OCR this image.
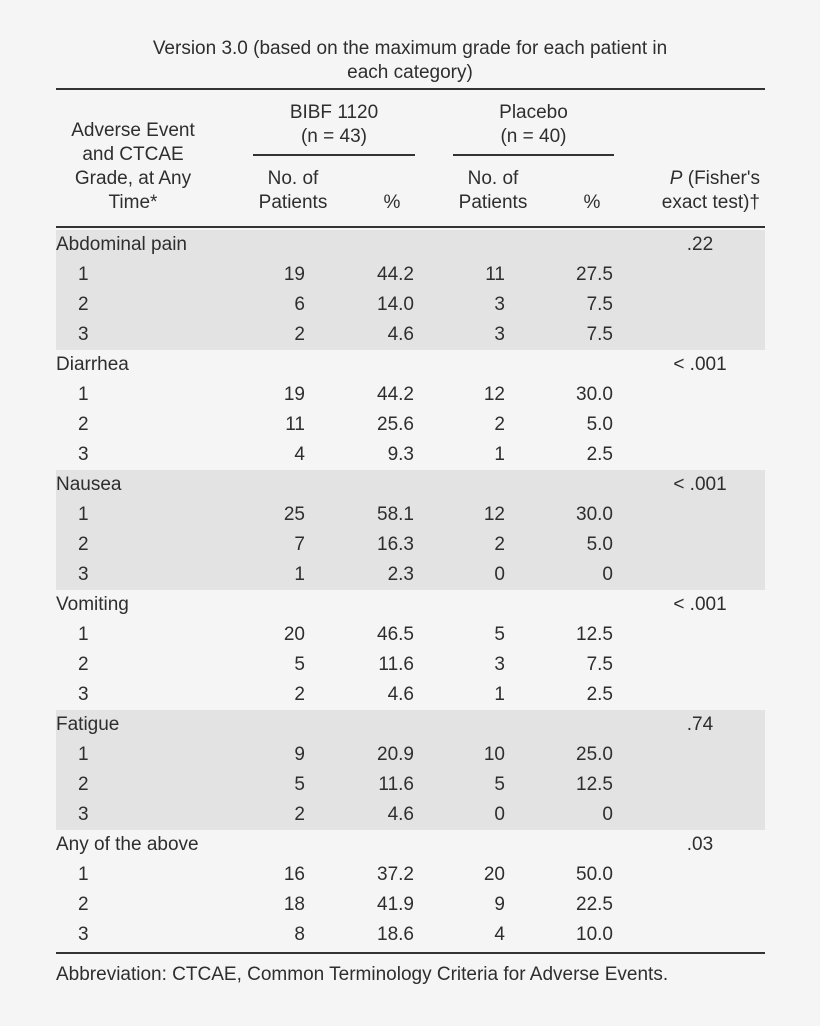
Version 3.0 (based on the maximum grade for each patient in
each category)
Adverse Event
and CTCAE
Grade, at Any
Time*
BIBF 1120
(n = 43)
Placebo
(n = 40)
No. of
Patients	%
No. of
Patients	%
P (Fisher's
exact test)†
Abdominal pain	.22
1	19	44.2	11	27.5
2	6	14.0	3	7.5
3	2	4.6	3	7.5
Diarrhea	< .001
1	19	44.2	12	30.0
2	11	25.6	2	5.0
3	4	9.3	1	2.5
Nausea	< .001
1	25	58.1	12	30.0
2	7	16.3	2	5.0
3	1	2.3	0	0
Vomiting	< .001
1	20	46.5	5	12.5
2	5	11.6	3	7.5
3	2	4.6	1	2.5
Fatigue	.74
1	9	20.9	10	25.0
2	5	11.6	5	12.5
3	2	4.6	0	0
Any of the above	.03
1	16	37.2	20	50.0
2	18	41.9	9	22.5
3	8	18.6	4	10.0
Abbreviation: CTCAE, Common Terminology Criteria for Adverse Events.
